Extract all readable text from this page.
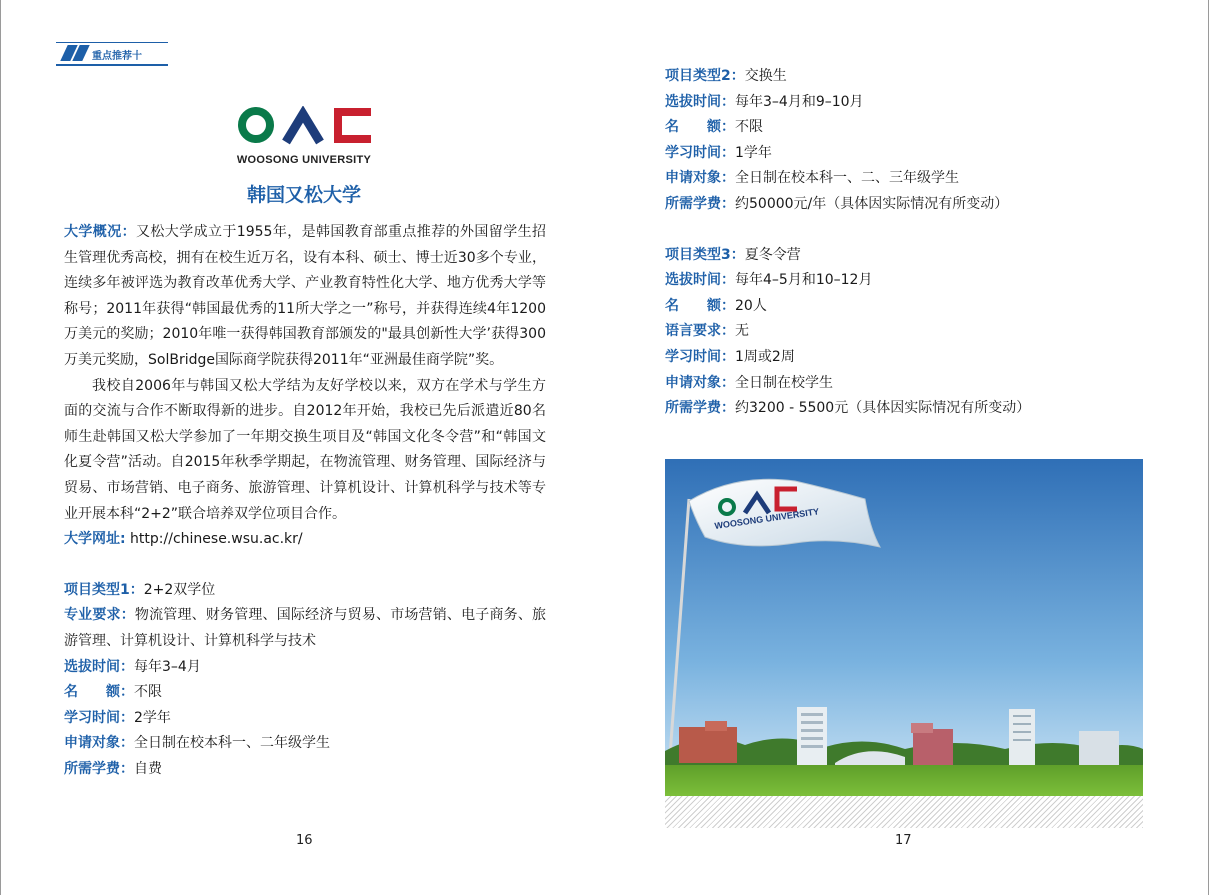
重点推荐十
WOOSONG UNIVERSITY
韩国又松大学

大学概况：又松大学成立于1955年，是韩国教育部重点推荐的外国留学生招生管理优秀高校，拥有在校生近万名，设有本科、硕士、博士近30多个专业，连续多年被评选为教育改革优秀大学、产业教育特性化大学、地方优秀大学等称号；2011年获得“韩国最优秀的11所大学之一”称号，并获得连续4年1200万美元的奖励；2010年唯一获得韩国教育部颁发的"最具创新性大学’获得300万美元奖励，SolBridge国际商学院获得2011年“亚洲最佳商学院”奖。

我校自2006年与韩国又松大学结为友好学校以来，双方在学术与学生方面的交流与合作不断取得新的进步。自2012年开始，我校已先后派遣近80名师生赴韩国又松大学参加了一年期交换生项目及“韩国文化冬令营”和“韩国文化夏令营”活动。自2015年秋季学期起，在物流管理、财务管理、国际经济与贸易、市场营销、电子商务、旅游管理、计算机设计、计算机科学与技术等专业开展本科“2+2”联合培养双学位项目合作。

大学网址: http://chinese.wsu.ac.kr/

项目类型1：2+2双学位

专业要求：物流管理、财务管理、国际经济与贸易、市场营销、电子商务、旅游管理、计算机设计、计算机科学与技术

选拔时间：每年3–4月

名　　额：不限

学习时间：2学年

申请对象：全日制在校本科一、二年级学生

所需学费：自费

项目类型2：交换生

选拔时间：每年3–4月和9–10月

名　　额：不限

学习时间：1学年

申请对象：全日制在校本科一、二、三年级学生

所需学费：约50000元/年（具体因实际情况有所变动）

项目类型3：夏冬令营

选拔时间：每年4–5月和10–12月

名　　额：20人

语言要求：无

学习时间：1周或2周

申请对象：全日制在校学生

所需学费：约3200 - 5500元（具体因实际情况有所变动）

WOOSONG UNIVERSITY
16	17
